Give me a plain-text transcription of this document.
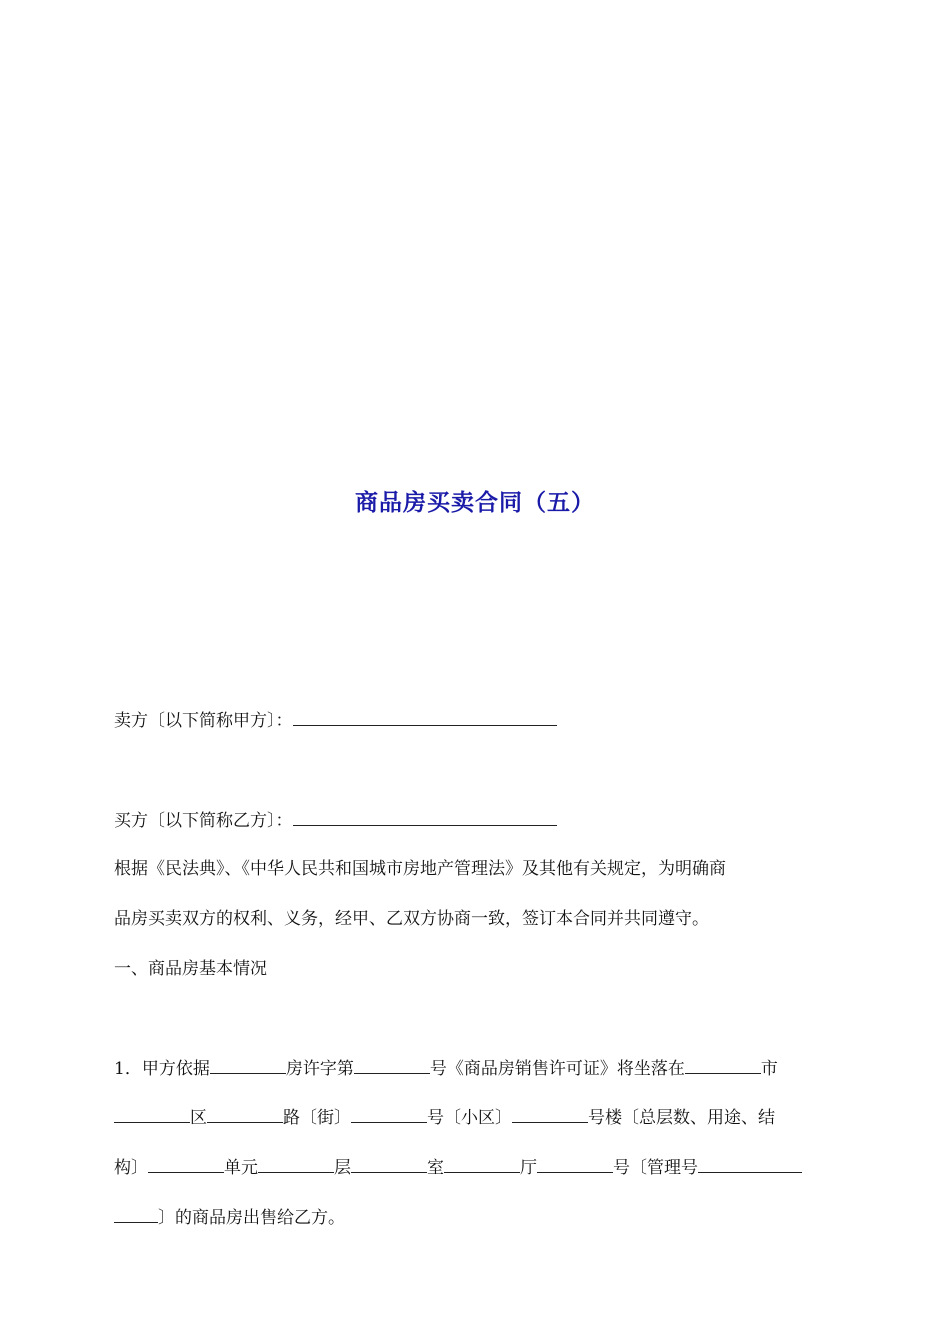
商品房买卖合同（五）
卖方〔以下简称甲方〕：
买方〔以下简称乙方〕：
根据《民法典》、《中华人民共和国城市房地产管理法》及其他有关规定，为明确商
品房买卖双方的权利、义务，经甲、乙双方协商一致，签订本合同并共同遵守。
一、商品房基本情况
1．甲方依据	房许字第	号《商品房销售许可证》将坐落在	市
区	路〔街〕	号〔小区〕	号楼〔总层数、用途、结
构〕	单元	层	室	厅	号〔管理号
〕的商品房出售给乙方。
